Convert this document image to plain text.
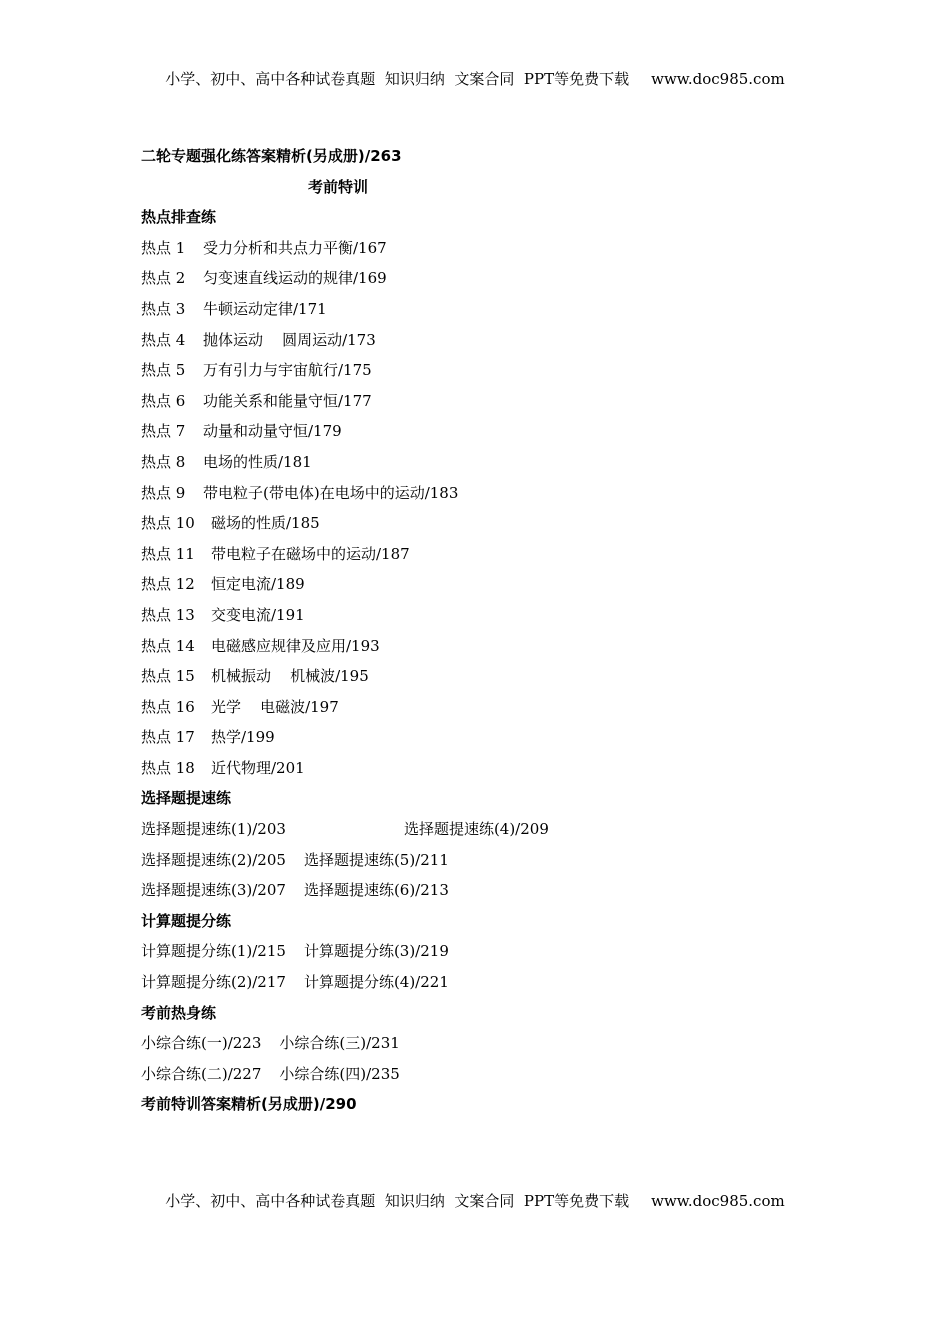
小学、初中、高中各种试卷真题  知识归纳  文案合同  PPT等免费下载 www.doc985.com
二轮专题强化练答案精析(另成册)/263
考前特训
热点排查练
热点 1 受力分析和共点力平衡/167
热点 2 匀变速直线运动的规律/169
热点 3 牛顿运动定律/171
热点 4 抛体运动    圆周运动/173
热点 5 万有引力与宇宙航行/175
热点 6 功能关系和能量守恒/177
热点 7 动量和动量守恒/179
热点 8 电场的性质/181
热点 9 带电粒子(带电体)在电场中的运动/183
热点 10 磁场的性质/185
热点 11 带电粒子在磁场中的运动/187
热点 12 恒定电流/189
热点 13 交变电流/191
热点 14 电磁感应规律及应用/193
热点 15 机械振动    机械波/195
热点 16 光学    电磁波/197
热点 17 热学/199
热点 18 近代物理/201
选择题提速练
选择题提速练(1)/203	选择题提速练(4)/209
选择题提速练(2)/205 选择题提速练(5)/211
选择题提速练(3)/207 选择题提速练(6)/213
计算题提分练
计算题提分练(1)/215 计算题提分练(3)/219
计算题提分练(2)/217 计算题提分练(4)/221
考前热身练
小综合练(一)/223 小综合练(三)/231
小综合练(二)/227 小综合练(四)/235
考前特训答案精析(另成册)/290
小学、初中、高中各种试卷真题  知识归纳  文案合同  PPT等免费下载 www.doc985.com
